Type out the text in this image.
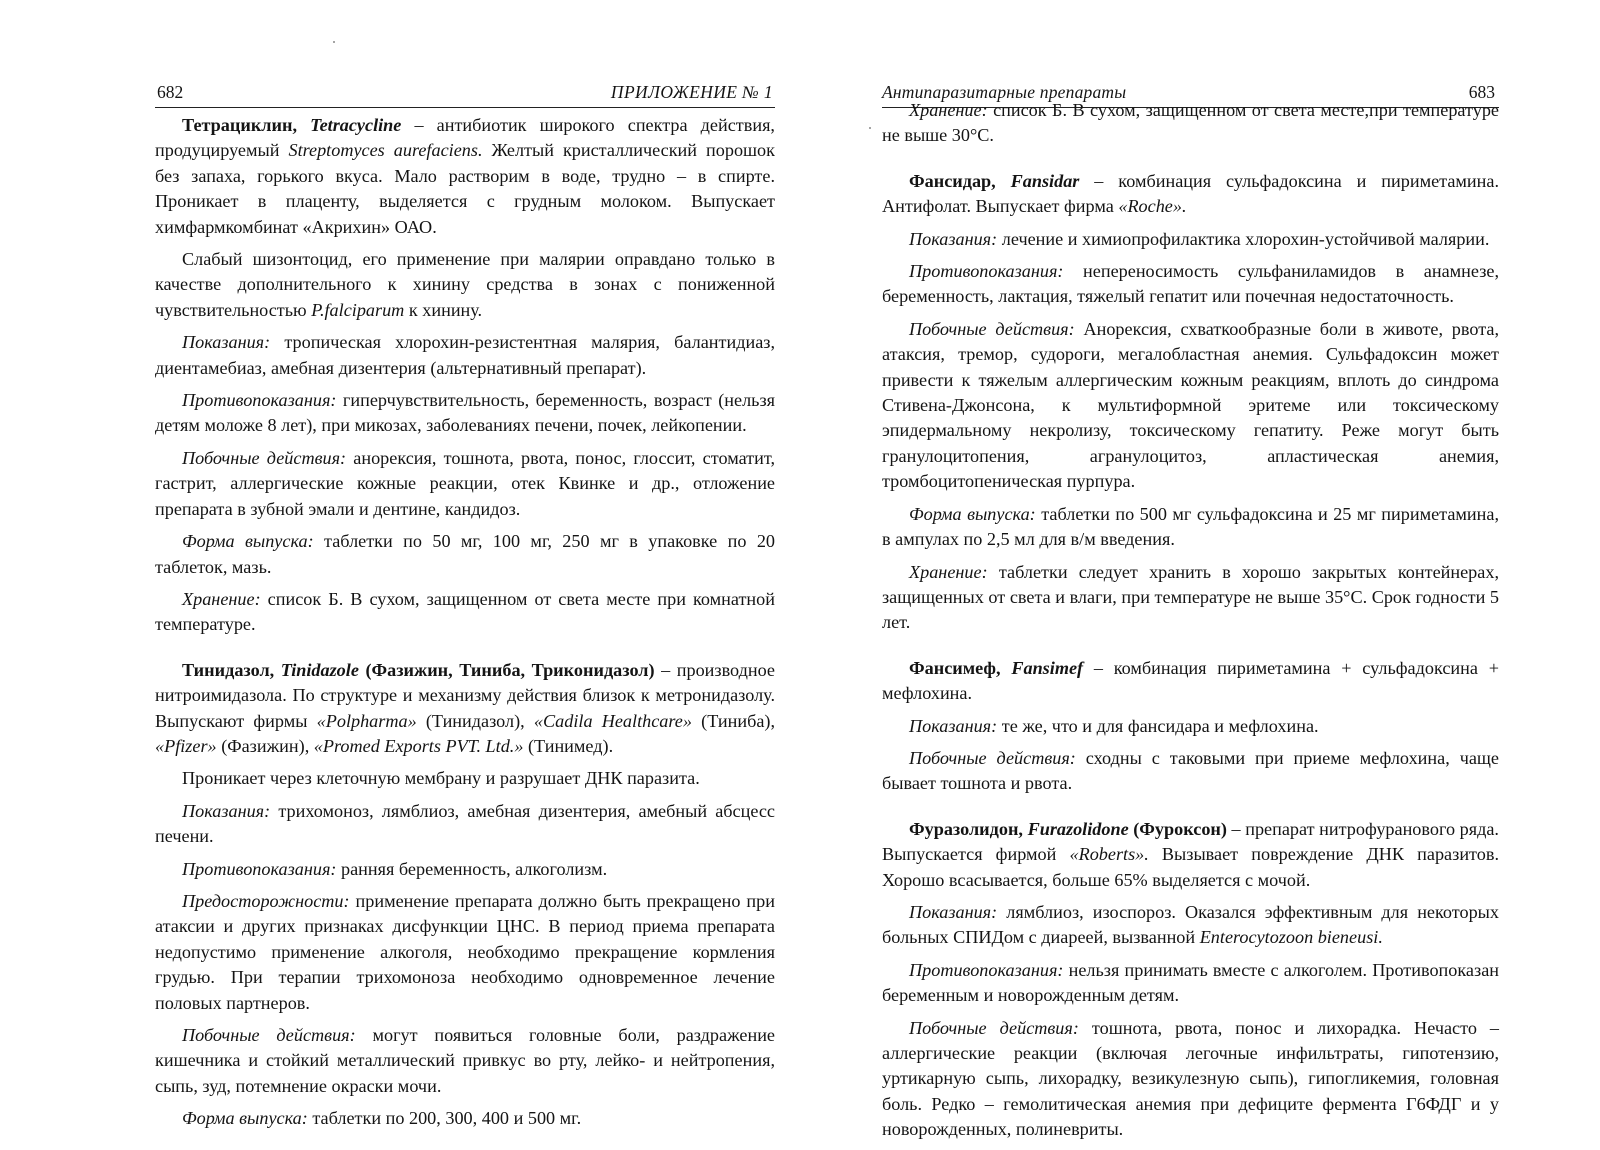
682	ПРИЛОЖЕНИЕ № 1

Тетрациклин, Tetracycline – антибиотик широкого спектра действия, продуцируемый Streptomyces aurefaciens. Желтый кристаллический порошок без запаха, горького вкуса. Мало растворим в воде, трудно – в спирте. Проникает в плаценту, выделяется с грудным молоком. Выпускает химфармкомбинат «Акрихин» ОАО.

Слабый шизонтоцид, его применение при малярии оправдано только в качестве дополнительного к хинину средства в зонах с пониженной чувствительностью P.falciparum к хинину.

Показания: тропическая хлорохин-резистентная малярия, балантидиаз, диентамебиаз, амебная дизентерия (альтернативный препарат).

Противопоказания: гиперчувствительность, беременность, возраст (нельзя детям моложе 8 лет), при микозах, заболеваниях печени, почек, лейкопении.

Побочные действия: анорексия, тошнота, рвота, понос, глоссит, стоматит, гастрит, аллергические кожные реакции, отек Квинке и др., отложение препарата в зубной эмали и дентине, кандидоз.

Форма выпуска: таблетки по 50 мг, 100 мг, 250 мг в упаковке по 20 таблеток, мазь.

Хранение: список Б. В сухом, защищенном от света месте при комнатной температуре.

Тинидазол, Tinidazole (Фазижин, Тиниба, Триконидазол) – производное нитроимидазола. По структуре и механизму действия близок к метронидазолу. Выпускают фирмы «Polpharma» (Тинидазол), «Cadila Healthcare» (Тиниба), «Pfizer» (Фазижин), «Promed Exports PVT. Ltd.» (Тинимед).

Проникает через клеточную мембрану и разрушает ДНК паразита.

Показания: трихомоноз, лямблиоз, амебная дизентерия, амебный абсцесс печени.

Противопоказания: ранняя беременность, алкоголизм.

Предосторожности: применение препарата должно быть прекращено при атаксии и других признаках дисфункции ЦНС. В период приема препарата недопустимо применение алкоголя, необходимо прекращение кормления грудью. При терапии трихомоноза необходимо одновременное лечение половых партнеров.

Побочные действия: могут появиться головные боли, раздражение кишечника и стойкий металлический привкус во рту, лейко- и нейтропения, сыпь, зуд, потемнение окраски мочи.

Форма выпуска: таблетки по 200, 300, 400 и 500 мг.

Антипаразитарные препараты	683

Хранение: список Б. В сухом, защищенном от света месте,при температуре не выше 30°С.

Фансидар, Fansidar – комбинация сульфадоксина и пириметамина. Антифолат. Выпускает фирма «Roche».

Показания: лечение и химиопрофилактика хлорохин-устойчивой малярии.

Противопоказания: непереносимость сульфаниламидов в анамнезе, беременность, лактация, тяжелый гепатит или почечная недостаточность.

Побочные действия: Анорексия, схваткообразные боли в животе, рвота, атаксия, тремор, судороги, мегалобластная анемия. Сульфадоксин может привести к тяжелым аллергическим кожным реакциям, вплоть до синдрома Стивена-Джонсона, к мультиформной эритеме или токсическому эпидермальному некролизу, токсическому гепатиту. Реже могут быть гранулоцитопения, агранулоцитоз, апластическая анемия, тромбоцитопеническая пурпура.

Форма выпуска: таблетки по 500 мг сульфадоксина и 25 мг пириметамина, в ампулах по 2,5 мл для в/м введения.

Хранение: таблетки следует хранить в хорошо закрытых контейнерах, защищенных от света и влаги, при температуре не выше 35°С. Срок годности 5 лет.

Фансимеф, Fansimef – комбинация пириметамина + сульфадоксина + мефлохина.

Показания: те же, что и для фансидара и мефлохина.

Побочные действия: сходны с таковыми при приеме мефлохина, чаще бывает тошнота и рвота.

Фуразолидон, Furazolidone (Фуроксон) – препарат нитрофуранового ряда. Выпускается фирмой «Roberts». Вызывает повреждение ДНК паразитов. Хорошо всасывается, больше 65% выделяется с мочой.

Показания: лямблиоз, изоспороз. Оказался эффективным для некоторых больных СПИДом с диареей, вызванной Enterocytozoon bieneusi.

Противопоказания: нельзя принимать вместе с алкоголем. Противопоказан беременным и новорожденным детям.

Побочные действия: тошнота, рвота, понос и лихорадка. Нечасто – аллергические реакции (включая легочные инфильтраты, гипотензию, уртикарную сыпь, лихорадку, везикулезную сыпь), гипогликемия, головная боль. Редко – гемолитическая анемия при дефиците фермента Г6ФДГ и у новорожденных, полиневриты.
